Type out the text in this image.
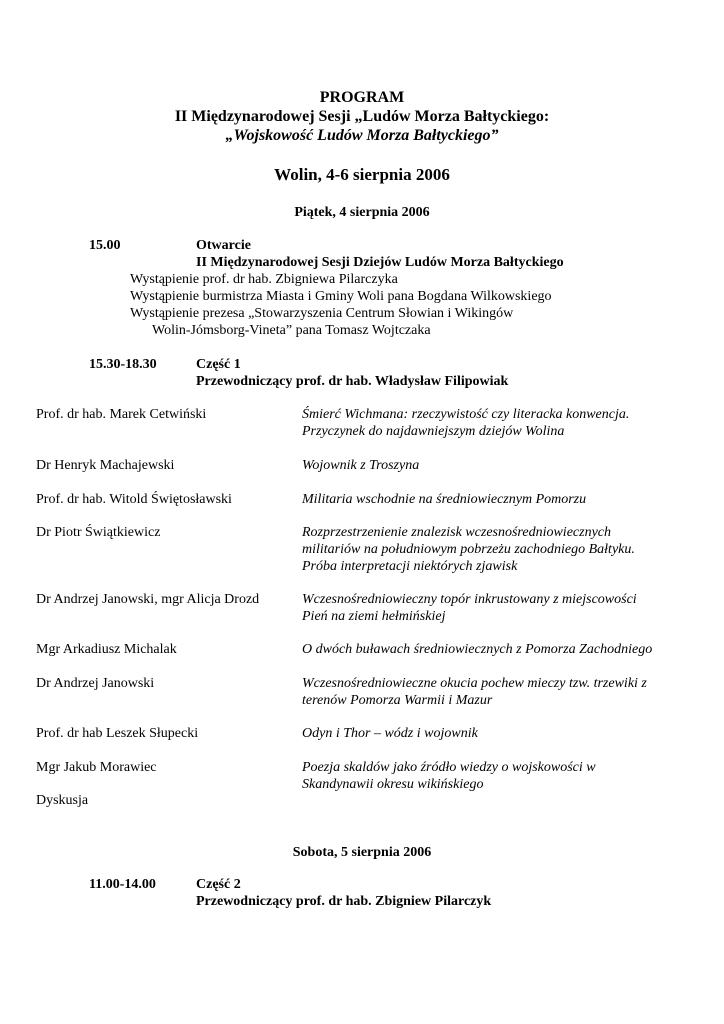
PROGRAM
II Międzynarodowej Sesji „Ludów Morza Bałtyckiego:
„Wojskowość Ludów Morza Bałtyckiego”
Wolin, 4-6 sierpnia 2006
Piątek, 4 sierpnia 2006
15.00	Otwarcie
II Międzynarodowej Sesji Dziejów Ludów Morza Bałtyckiego
Wystąpienie prof. dr hab. Zbigniewa Pilarczyka
Wystąpienie burmistrza Miasta i Gminy Woli pana Bogdana Wilkowskiego
Wystąpienie prezesa „Stowarzyszenia Centrum Słowian i Wikingów
Wolin-Jómsborg-Vineta” pana Tomasz Wojtczaka
15.30-18.30	Część 1
Przewodniczący prof. dr hab. Władysław Filipowiak
Prof. dr hab. Marek Cetwiński	Śmierć Wichmana: rzeczywistość czy literacka konwencja.
Przyczynek do najdawniejszym dziejów Wolina
Dr Henryk Machajewski	Wojownik z Troszyna
Prof. dr hab. Witold Świętosławski	Militaria wschodnie na średniowiecznym Pomorzu
Dr Piotr Świątkiewicz	Rozprzestrzenienie znalezisk wczesnośredniowiecznych
militariów na południowym pobrzeżu zachodniego Bałtyku.
Próba interpretacji niektórych zjawisk
Dr Andrzej Janowski, mgr Alicja Drozd	Wczesnośredniowieczny topór inkrustowany z miejscowości
Pień na ziemi hełmińskiej
Mgr Arkadiusz Michalak	O dwóch buławach średniowiecznych z Pomorza Zachodniego
Dr Andrzej Janowski	Wczesnośredniowieczne okucia pochew mieczy tzw. trzewiki z
terenów Pomorza Warmii i Mazur
Prof. dr hab Leszek Słupecki	Odyn i Thor – wódz i wojownik
Mgr Jakub Morawiec	Poezja skaldów jako źródło wiedzy o wojskowości w
Skandynawii okresu wikińskiego
Dyskusja
Sobota, 5 sierpnia 2006
11.00-14.00	Część 2
Przewodniczący prof. dr hab. Zbigniew Pilarczyk
